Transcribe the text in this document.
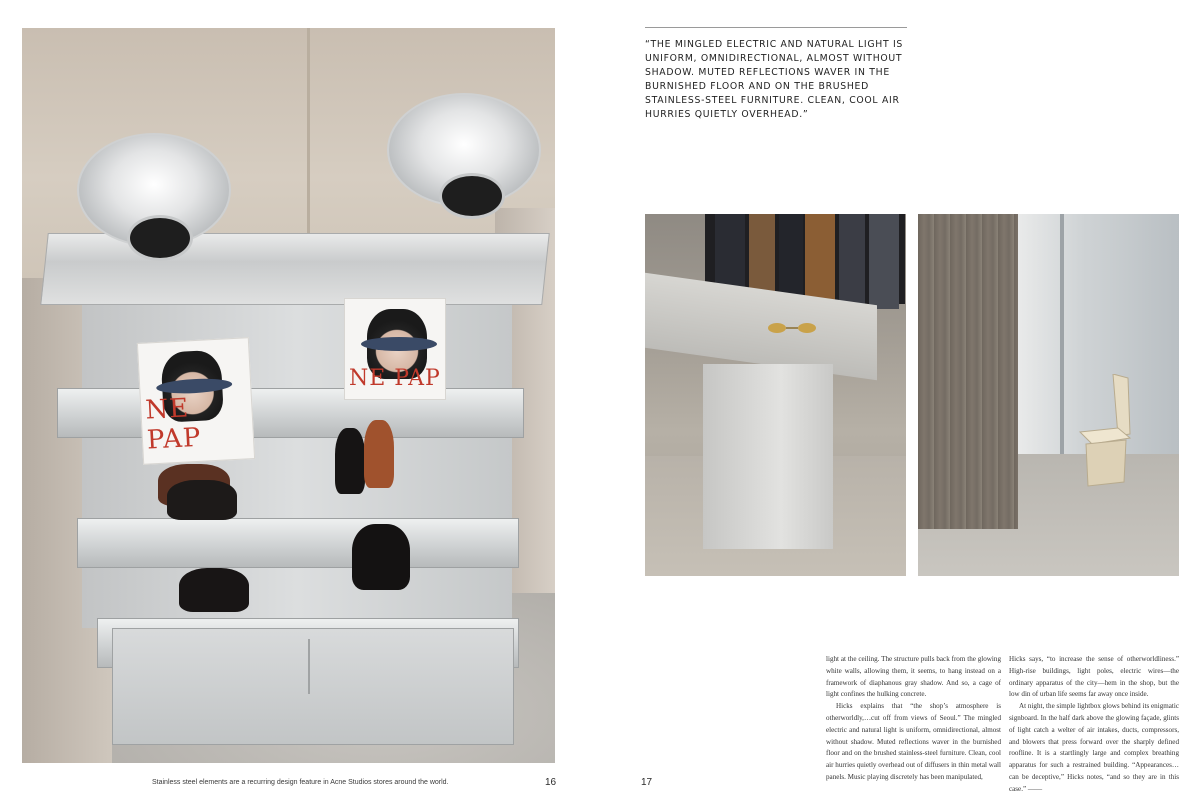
NE PAP
NE PAP
Stainless steel elements are a recurring design feature in Acne Studios stores around the world.	16
“THE MINGLED ELECTRIC AND NATURAL LIGHT IS UNIFORM, OMNIDIRECTIONAL, ALMOST WITHOUT SHADOW. MUTED REFLECTIONS WAVER IN THE BURNISHED FLOOR AND ON THE BRUSHED STAINLESS-STEEL FURNITURE. CLEAN, COOL AIR HURRIES QUIETLY OVERHEAD.”

light at the ceiling. The structure pulls back from the glowing white walls, allowing them, it seems, to hang instead on a framework of diaphanous gray shadow. And so, a cage of light confines the hulking concrete.

Hicks explains that “the shop’s atmosphere is otherworldly,…cut off from views of Seoul.” The mingled electric and natural light is uniform, omnidirectional, almost without shadow. Muted reflections waver in the burnished floor and on the brushed stainless-steel furniture. Clean, cool air hurries quietly overhead out of diffusers in thin metal wall panels. Music playing discretely has been manipulated,

Hicks says, “to increase the sense of otherworldliness.” High-rise buildings, light poles, electric wires—the ordinary apparatus of the city—hem in the shop, but the low din of urban life seems far away once inside.

At night, the simple lightbox glows behind its enigmatic signboard. In the half dark above the glowing façade, glints of light catch a welter of air intakes, ducts, compressors, and blowers that press forward over the sharply defined roofline. It is a startlingly large and complex breathing apparatus for such a restrained building. “Appearances…can be deceptive,” Hicks notes, “and so they are in this case.” ——

17
